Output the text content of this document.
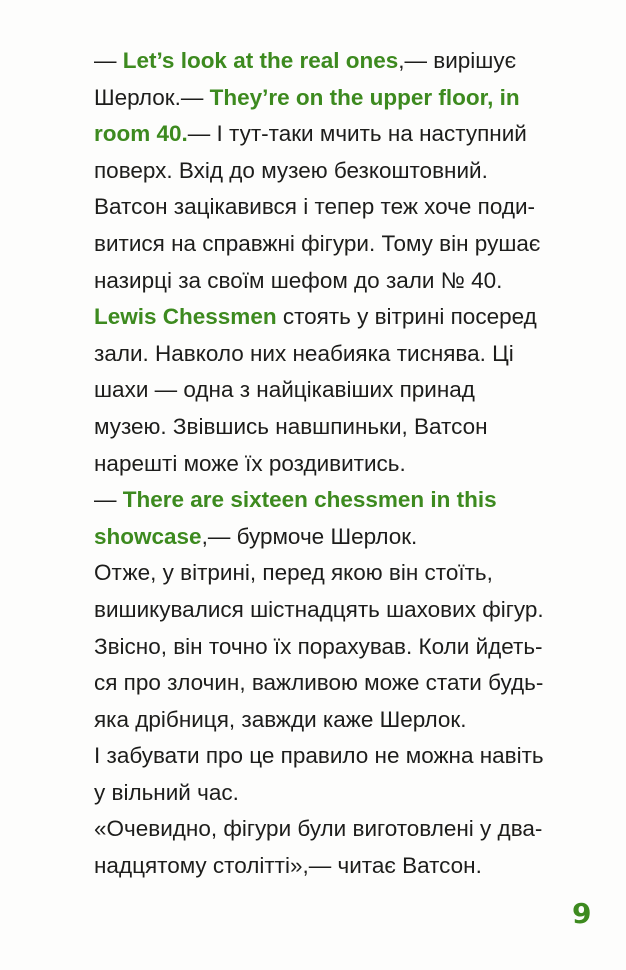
— Let’s look at the real ones,— вирішує
Шерлок.— They’re on the upper floor, in
room 40.— І тут-таки мчить на наступний
поверх. Вхід до музею безкоштовний.
Ватсон зацікавився і тепер теж хоче поди-
витися на справжні фігури. Тому він рушає
назирці за своїм шефом до зали № 40.
Lewis Chessmen стоять у вітрині посеред
зали. Навколо них неабияка тиснява. Ці
шахи — одна з найцікавіших принад
музею. Звівшись навшпиньки, Ватсон
нарешті може їх роздивитись.
— There are sixteen chessmen in this
showcase,— бурмоче Шерлок.
Отже, у вітрині, перед якою він стоїть,
вишикувалися шістнадцять шахових фігур.
Звісно, він точно їх порахував. Коли йдеть-
ся про злочин, важливою може стати будь-
яка дрібниця, завжди каже Шерлок.
І забувати про це правило не можна навіть
у вільний час.
«Очевидно, фігури були виготовлені у два-
надцятому столітті»,— читає Ватсон.
9
